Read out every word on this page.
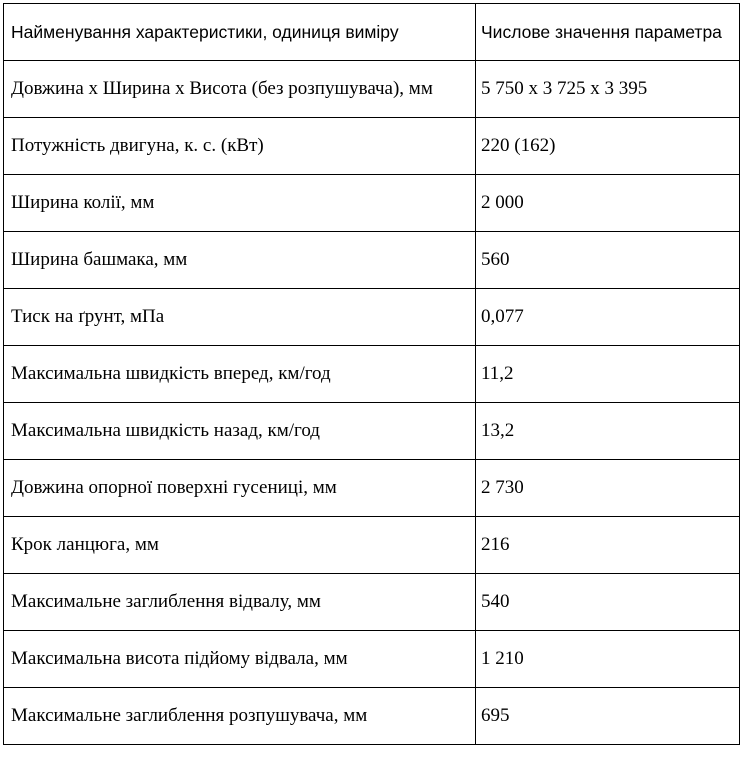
Найменування характеристики, одиниця виміру	Числове значення параметра
Довжина х Ширина х Висота (без розпушувача), мм	5 750 х 3 725 х 3 395
Потужність двигуна, к. с. (кВт)	220 (162)
Ширина колії, мм	2 000
Ширина башмака, мм	560
Тиск на ґрунт, мПа	0,077
Максимальна швидкість вперед, км/год	11,2
Максимальна швидкість назад, км/год	13,2
Довжина опорної поверхні гусениці, мм	2 730
Крок ланцюга, мм	216
Максимальне заглиблення відвалу, мм	540
Максимальна висота підйому відвала, мм	1 210
Максимальне заглиблення розпушувача, мм	695
